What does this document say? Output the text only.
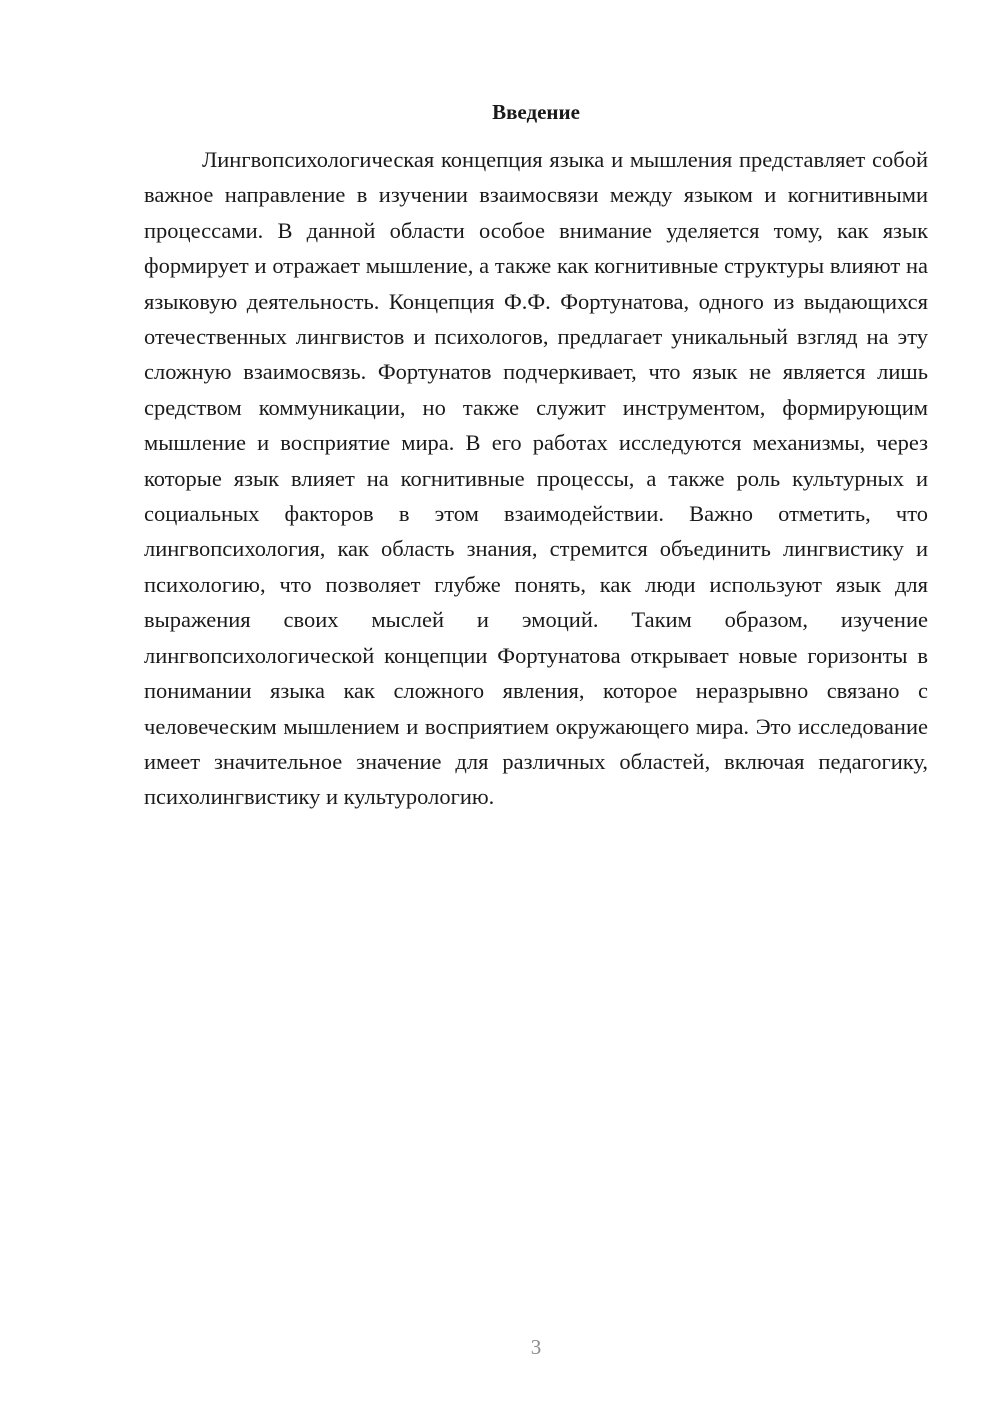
Введение

Лингвопсихологическая концепция языка и мышления представляет собой важное направление в изучении взаимосвязи между языком и когнитивными процессами. В данной области особое внимание уделяется тому, как язык формирует и отражает мышление, а также как когнитивные структуры влияют на языковую деятельность. Концепция Ф.Ф. Фортунатова, одного из выдающихся отечественных лингвистов и психологов, предлагает уникальный взгляд на эту сложную взаимосвязь. Фортунатов подчеркивает, что язык не является лишь средством коммуникации, но также служит инструментом, формирующим мышление и восприятие мира. В его работах исследуются механизмы, через которые язык влияет на когнитивные процессы, а также роль культурных и социальных факторов в этом взаимодействии. Важно отметить, что лингвопсихология, как область знания, стремится объединить лингвистику и психологию, что позволяет глубже понять, как люди используют язык для выражения своих мыслей и эмоций. Таким образом, изучение лингвопсихологической концепции Фортунатова открывает новые горизонты в понимании языка как сложного явления, которое неразрывно связано с человеческим мышлением и восприятием окружающего мира. Это исследование имеет значительное значение для различных областей, включая педагогику, психолингвистику и культурологию.

3
